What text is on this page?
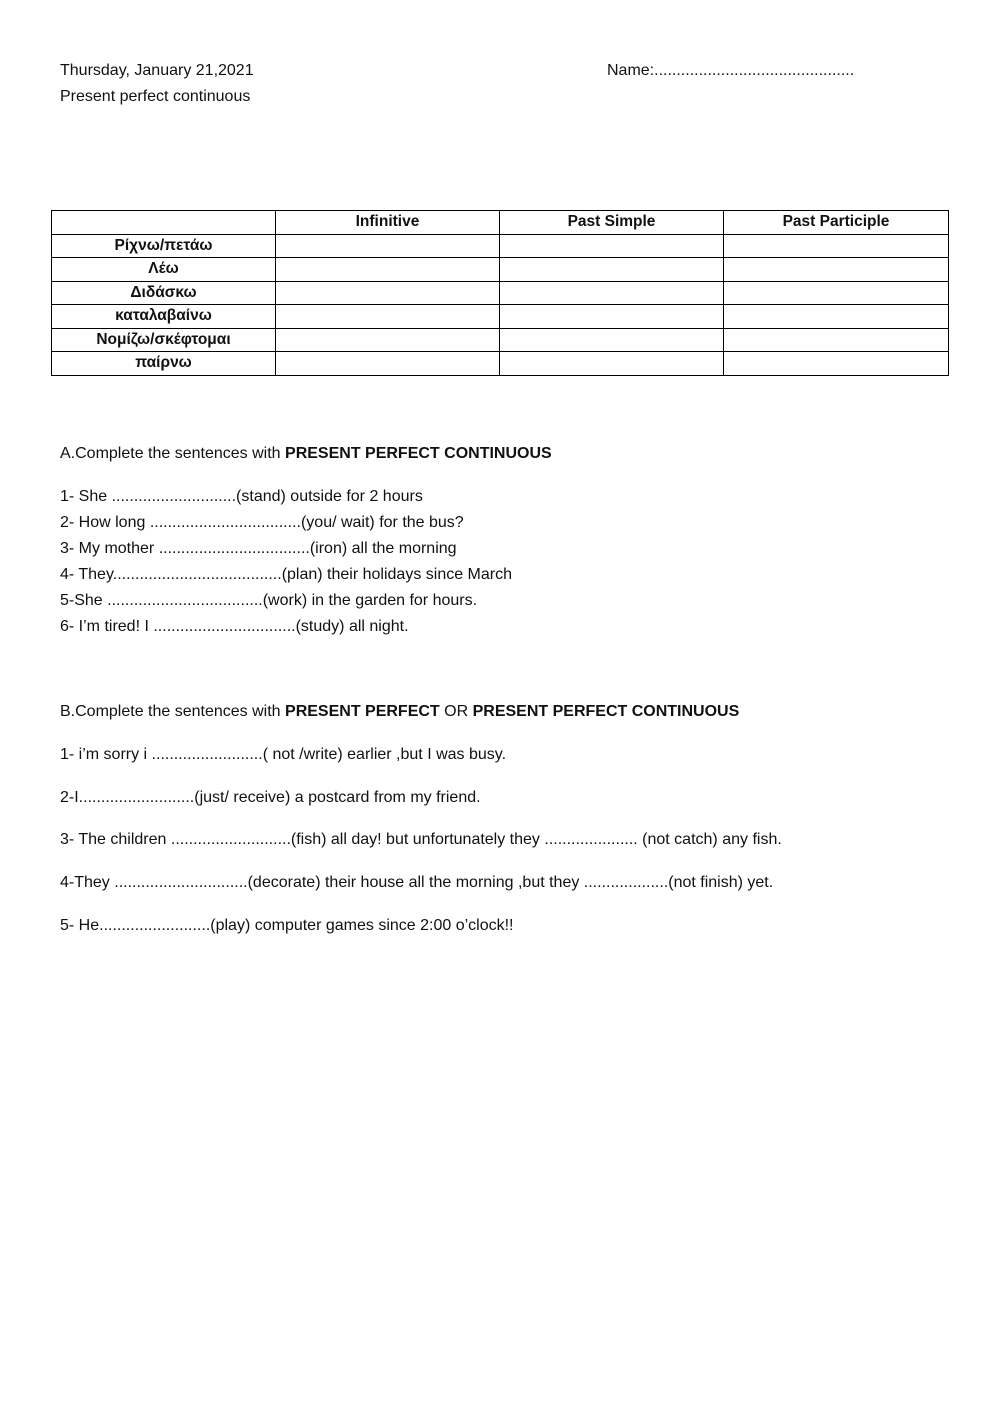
Thursday, January 21,2021
Present perfect continuous
Name:.............................................
	Infinitive	Past Simple	Past Participle
Ρίχνω/πετάω			
Λέω			
Διδάσκω			
καταλαβαίνω			
Νομίζω/σκέφτομαι			
παίρνω			
A.Complete the sentences with PRESENT PERFECT CONTINUOUS
1- She ............................(stand) outside for 2 hours
2- How long ..................................(you/ wait) for the bus?
3- My mother ..................................(iron) all the morning
4- They......................................(plan) their holidays since March
5-She ...................................(work) in the garden for hours.
6- I’m tired! I ................................(study) all night.
B.Complete the sentences with PRESENT PERFECT OR PRESENT PERFECT CONTINUOUS
1- i’m sorry i .........................( not /write) earlier ,but I was busy.
2-I..........................(just/ receive) a postcard from my friend.
3- The children ...........................(fish) all day! but unfortunately they ..................... (not catch) any fish.
4-They ..............................(decorate) their house all the morning ,but they ...................(not finish) yet.
5- He.........................(play) computer games since 2:00 o’clock!!
